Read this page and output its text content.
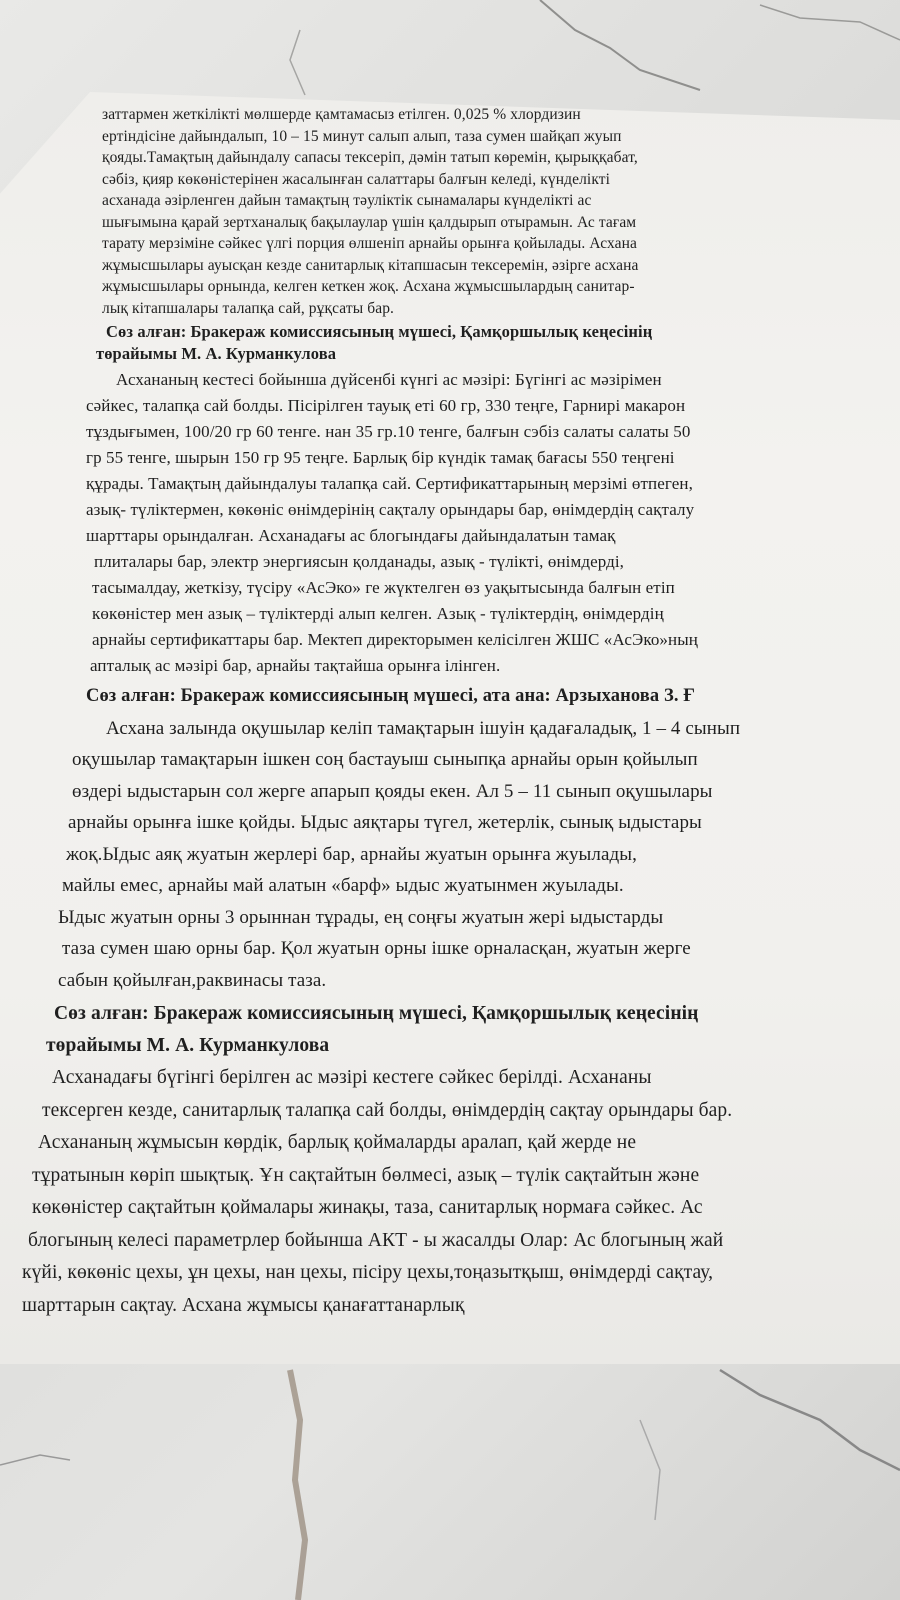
заттармен жеткілікті мөлшерде қамтамасыз етілген. 0,025 % хлордизин
ертіндісіне дайындалып, 10 – 15 минут салып алып, таза сумен шайқап жуып
қояды.Тамақтың дайындалу сапасы тексеріп, дәмін татып көремін, қырыққабат,
сәбіз, қияр көкөністерінен жасалынған салаттары балғын келеді, күнделікті
асханада әзірленген дайын тамақтың тәуліктік сынамалары күнделікті ас
шығымына қарай зертханалық бақылаулар үшін қалдырып отырамын. Ас тағам
тарату мерзіміне сәйкес үлгі порция өлшеніп арнайы орынға қойылады. Асхана
жұмысшылары ауысқан кезде санитарлық кітапшасын тексеремін, әзірге асхана
жұмысшылары орнында, келген кеткен жоқ. Асхана жұмысшылардың санитар-
лық кітапшалары талапқа сай, рұқсаты бар.
Сөз алған: Бракераж комиссиясының мүшесі, Қамқоршылық кеңесінің
төрайымы М. А. Курманкулова
Асхананың кестесі бойынша дүйсенбі күнгі ас мәзірі: Бүгінгі ас мәзірімен
сәйкес, талапқа сай болды. Пісірілген тауық еті 60 гр, 330 теңге, Гарнирі макарон
тұздығымен, 100/20 гр 60 тенге. нан 35 гр.10 тенге, балғын сэбіз салаты салаты 50
гр 55 тенге, шырын 150 гр 95 теңге. Барлық бір күндік тамақ бағасы 550 теңгені
құрады. Тамақтың дайындалуы талапқа сай. Сертификаттарының мерзімі өтпеген,
азық- түліктермен, көкөніс өнімдерінің сақталу орындары бар, өнімдердің сақталу
шарттары орындалған. Асханадағы ас блогындағы дайындалатын тамақ
плиталары бар, электр энергиясын қолданады, азық - түлікті, өнімдерді,
тасымалдау, жеткізу, түсіру «АсЭко» ге жүктелген өз уақытысында балғын етіп
көкөністер мен азық – түліктерді алып келген. Азық - түліктердің, өнімдердің
арнайы сертификаттары бар. Мектеп директорымен келісілген ЖШС «АсЭко»ның
апталық ас мәзірі бар, арнайы тақтайша орынға ілінген.
Сөз алған: Бракераж комиссиясының мүшесі, ата ана: Арзыханова З. Ғ
Асхана залында оқушылар келіп тамақтарын ішуін қадағаладық, 1 – 4 сынып
оқушылар тамақтарын ішкен соң бастауыш сыныпқа арнайы орын қойылып
өздері ыдыстарын сол жерге апарып қояды екен. Ал 5 – 11 сынып оқушылары
арнайы орынға ішке қойды. Ыдыс аяқтары түгел, жетерлік, сынық ыдыстары
жоқ.Ыдыс аяқ жуатын жерлері бар, арнайы жуатын орынға жуылады,
майлы емес, арнайы май алатын «барф» ыдыс жуатынмен жуылады.
Ыдыс жуатын орны 3 орыннан тұрады, ең соңғы жуатын жері ыдыстарды
таза сумен шаю орны бар. Қол жуатын орны ішке орналасқан, жуатын жерге
сабын қойылған,раквинасы таза.
Сөз алған: Бракераж комиссиясының мүшесі, Қамқоршылық кеңесінің
төрайымы М. А. Курманкулова
Асханадағы бүгінгі берілген ас мәзірі кестеге сәйкес берілді. Асхананы
тексерген кезде, санитарлық талапқа сай болды, өнімдердің сақтау орындары бар.
Асхананың жұмысын көрдік, барлық қоймаларды аралап, қай жерде не
тұратынын көріп шықтық. Ұн сақтайтын бөлмесі, азық – түлік сақтайтын және
көкөністер сақтайтын қоймалары жинақы, таза, санитарлық нормаға сәйкес. Ас
блогының келесі параметрлер бойынша АКТ - ы жасалды Олар: Ас блогының жай
күйі, көкөніс цехы, ұн цехы, нан цехы, пісіру цехы,тоңазытқыш, өнімдерді сақтау,
шарттарын сақтау. Асхана жұмысы қанағаттанарлық
